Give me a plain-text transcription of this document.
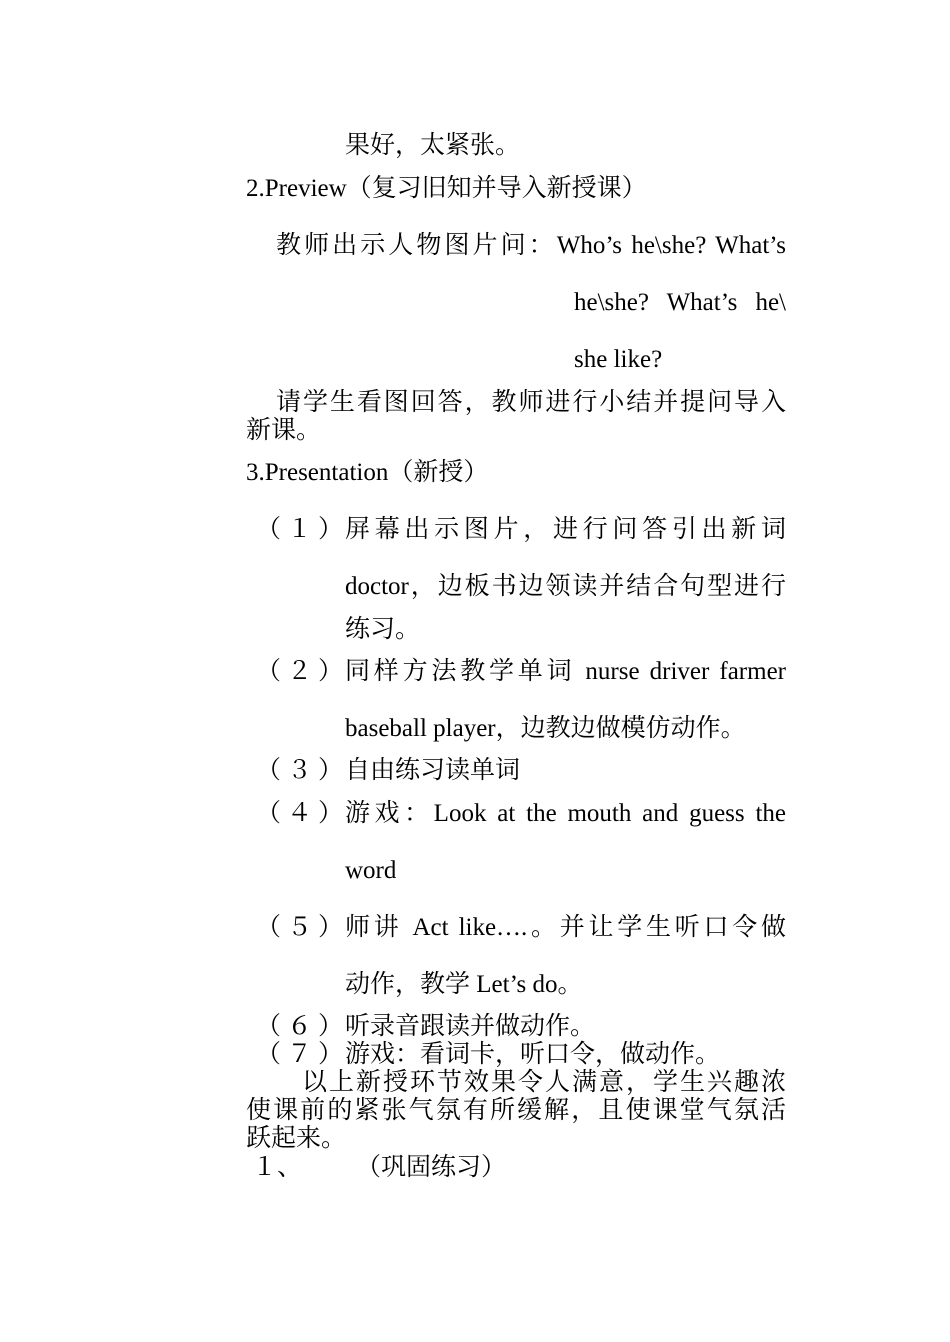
果好，太紧张。
2.Preview（复习旧知并导入新授课）
教师出示人物图片问：Who’s he\she? What’s
he\she? What’s he\
she like?
请学生看图回答，教师进行小结并提问导入
新课。
3.Presentation（新授）
（１）
屏幕出示图片，进行问答引出新词
doctor，边板书边领读并结合句型进行
练习。
（２）
同样方法教学单词 nurse driver farmer
baseball player，边教边做模仿动作。
（３）
自由练习读单词
（４）
游戏：Look at the mouth and guess the
word
（５）
师讲 Act like….。并让学生听口令做
动作，教学 Let’s do。
（６）
听录音跟读并做动作。
（７）
游戏：看词卡，听口令，做动作。
以上新授环节效果令人满意，学生兴趣浓
使课前的紧张气氛有所缓解，且使课堂气氛活
跃起来。
１、 （巩固练习）
